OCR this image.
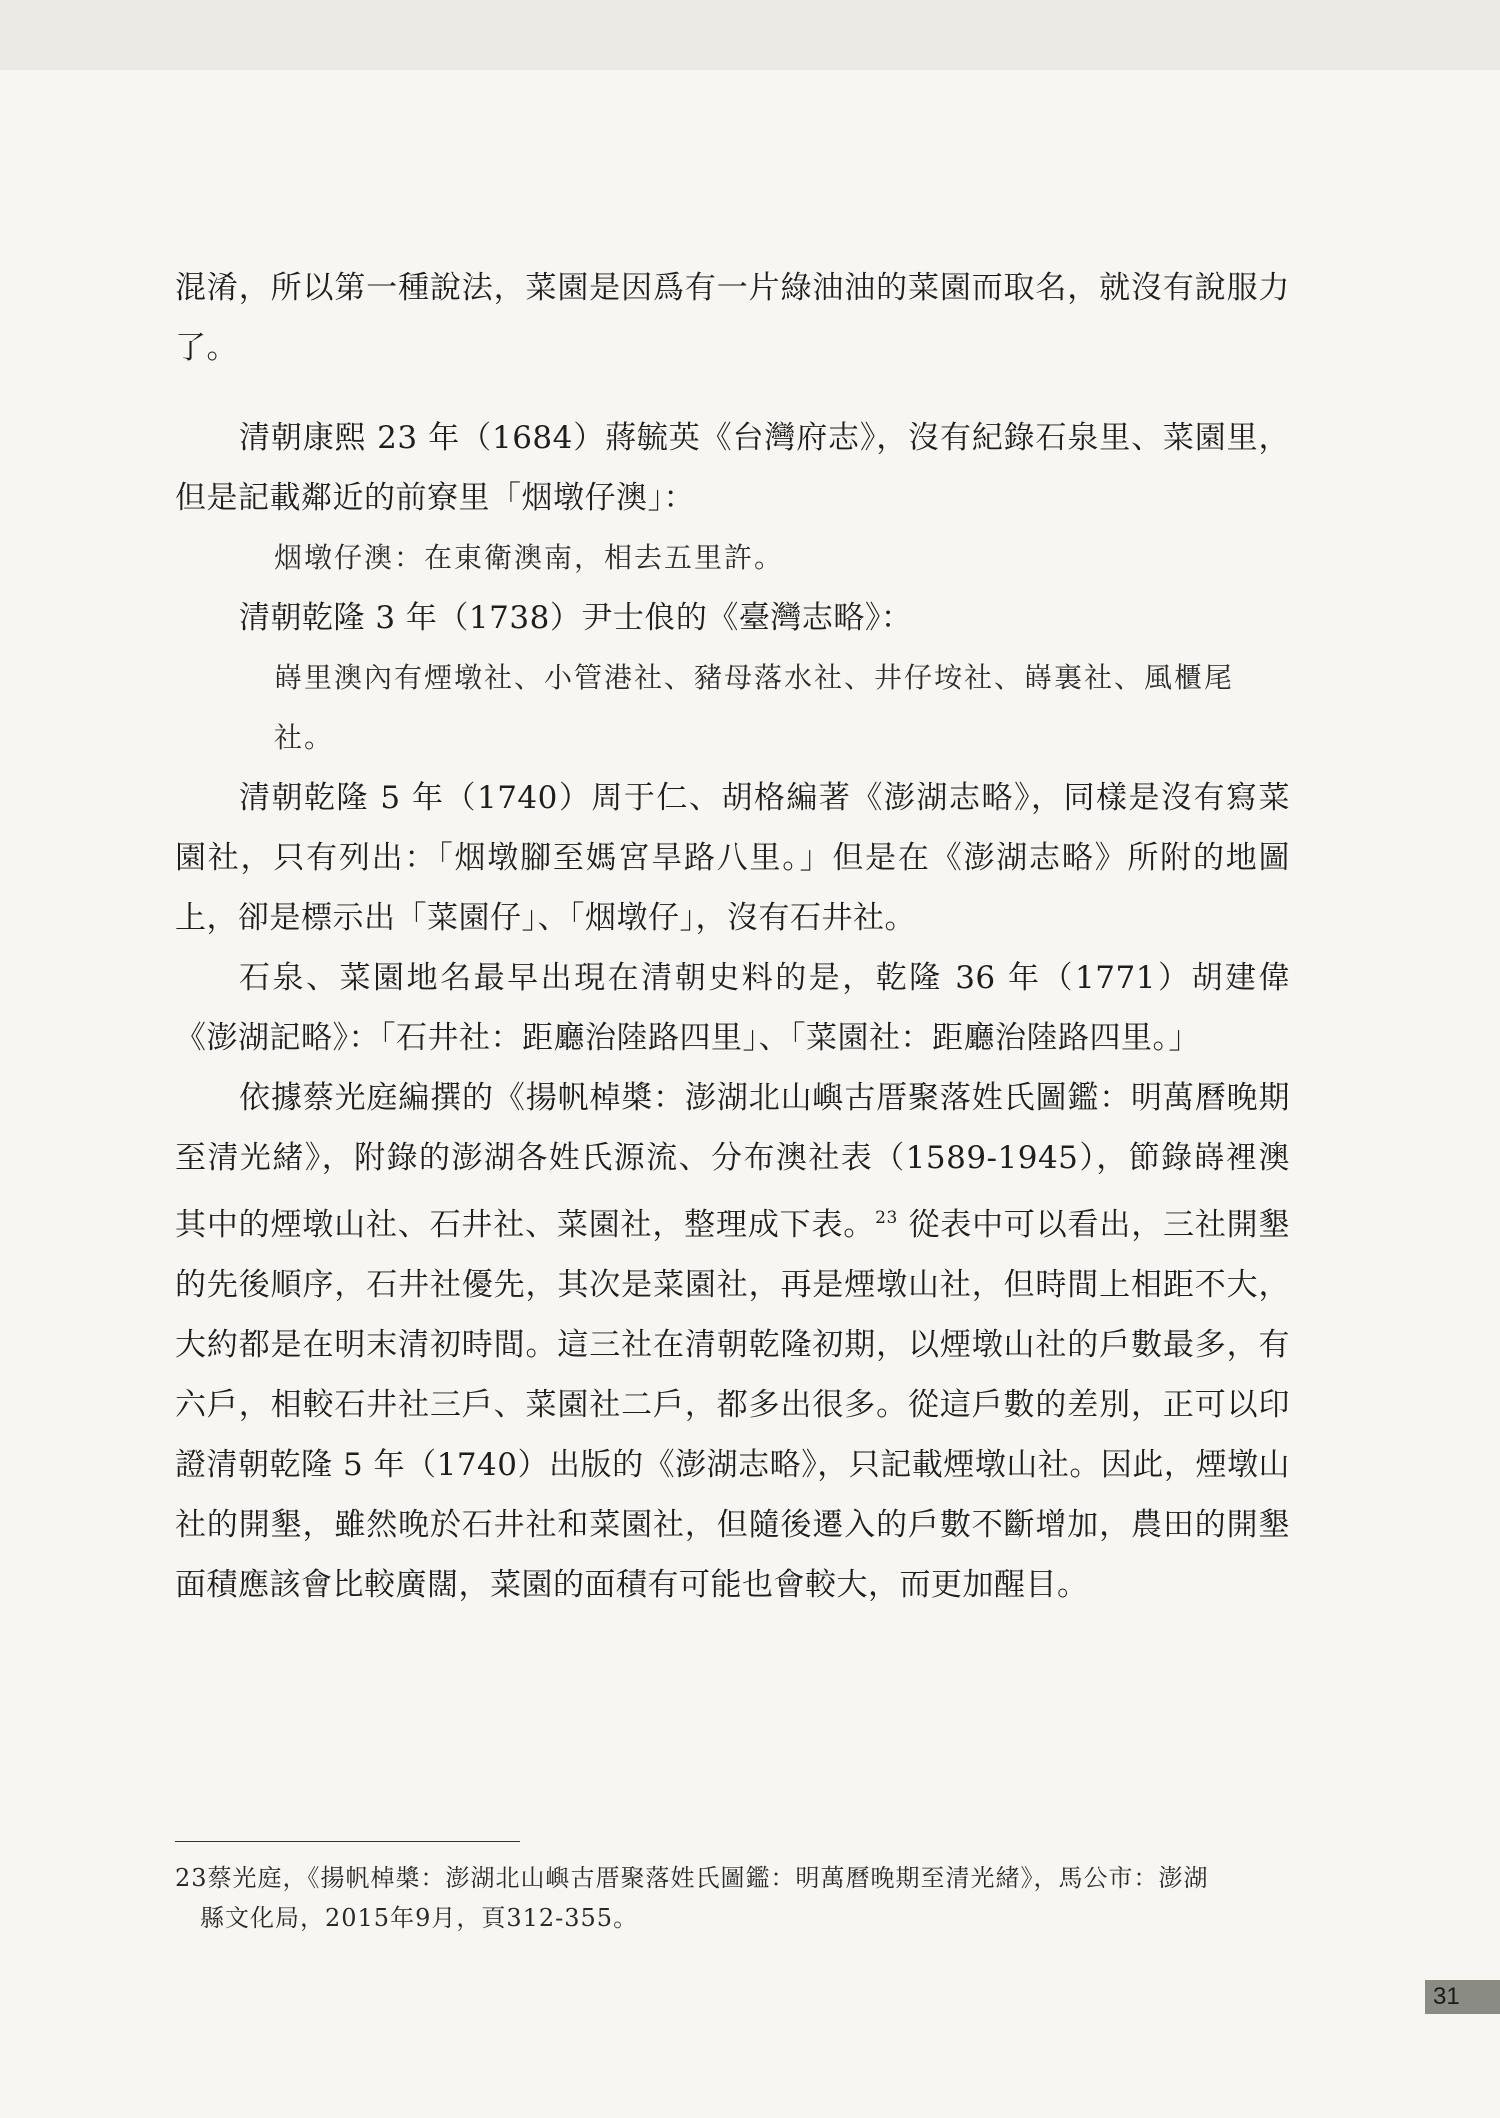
混淆，所以第一種說法，菜園是因爲有一片綠油油的菜園而取名，就沒有說服力了。

清朝康熙 23 年（1684）蔣毓英《台灣府志》，沒有紀錄石泉里、菜園里，但是記載鄰近的前寮里「烟墩仔澳」：

烟墩仔澳：在東衛澳南，相去五里許。

清朝乾隆 3 年（1738）尹士俍的《臺灣志略》：

嵵里澳內有煙墩社、小管港社、豬母落水社、井仔垵社、嵵裏社、風櫃尾社。

清朝乾隆 5 年（1740）周于仁、胡格編著《澎湖志略》，同樣是沒有寫菜園社，只有列出：「烟墩腳至媽宮旱路八里。」但是在《澎湖志略》所附的地圖上，卻是標示出「菜園仔」、「烟墩仔」，沒有石井社。

石泉、菜園地名最早出現在清朝史料的是，乾隆 36 年（1771）胡建偉《澎湖記略》：「石井社：距廳治陸路四里」、「菜園社：距廳治陸路四里。」

依據蔡光庭編撰的《揚帆棹槳：澎湖北山嶼古厝聚落姓氏圖鑑：明萬曆晚期至清光緒》，附錄的澎湖各姓氏源流、分布澳社表（1589-1945），節錄嵵裡澳其中的煙墩山社、石井社、菜園社，整理成下表。$^{23}$ 從表中可以看出，三社開墾的先後順序，石井社優先，其次是菜園社，再是煙墩山社，但時間上相距不大，大約都是在明末清初時間。這三社在清朝乾隆初期，以煙墩山社的戶數最多，有六戶，相較石井社三戶、菜園社二戶，都多出很多。從這戶數的差別，正可以印證清朝乾隆 5 年（1740）出版的《澎湖志略》，只記載煙墩山社。因此，煙墩山社的開墾，雖然晚於石井社和菜園社，但隨後遷入的戶數不斷增加，農田的開墾面積應該會比較廣闊，菜園的面積有可能也會較大，而更加醒目。

23蔡光庭，《揚帆棹槳：澎湖北山嶼古厝聚落姓氏圖鑑：明萬曆晚期至清光緒》，馬公市：澎湖
縣文化局，2015年9月，頁312-355。
31
